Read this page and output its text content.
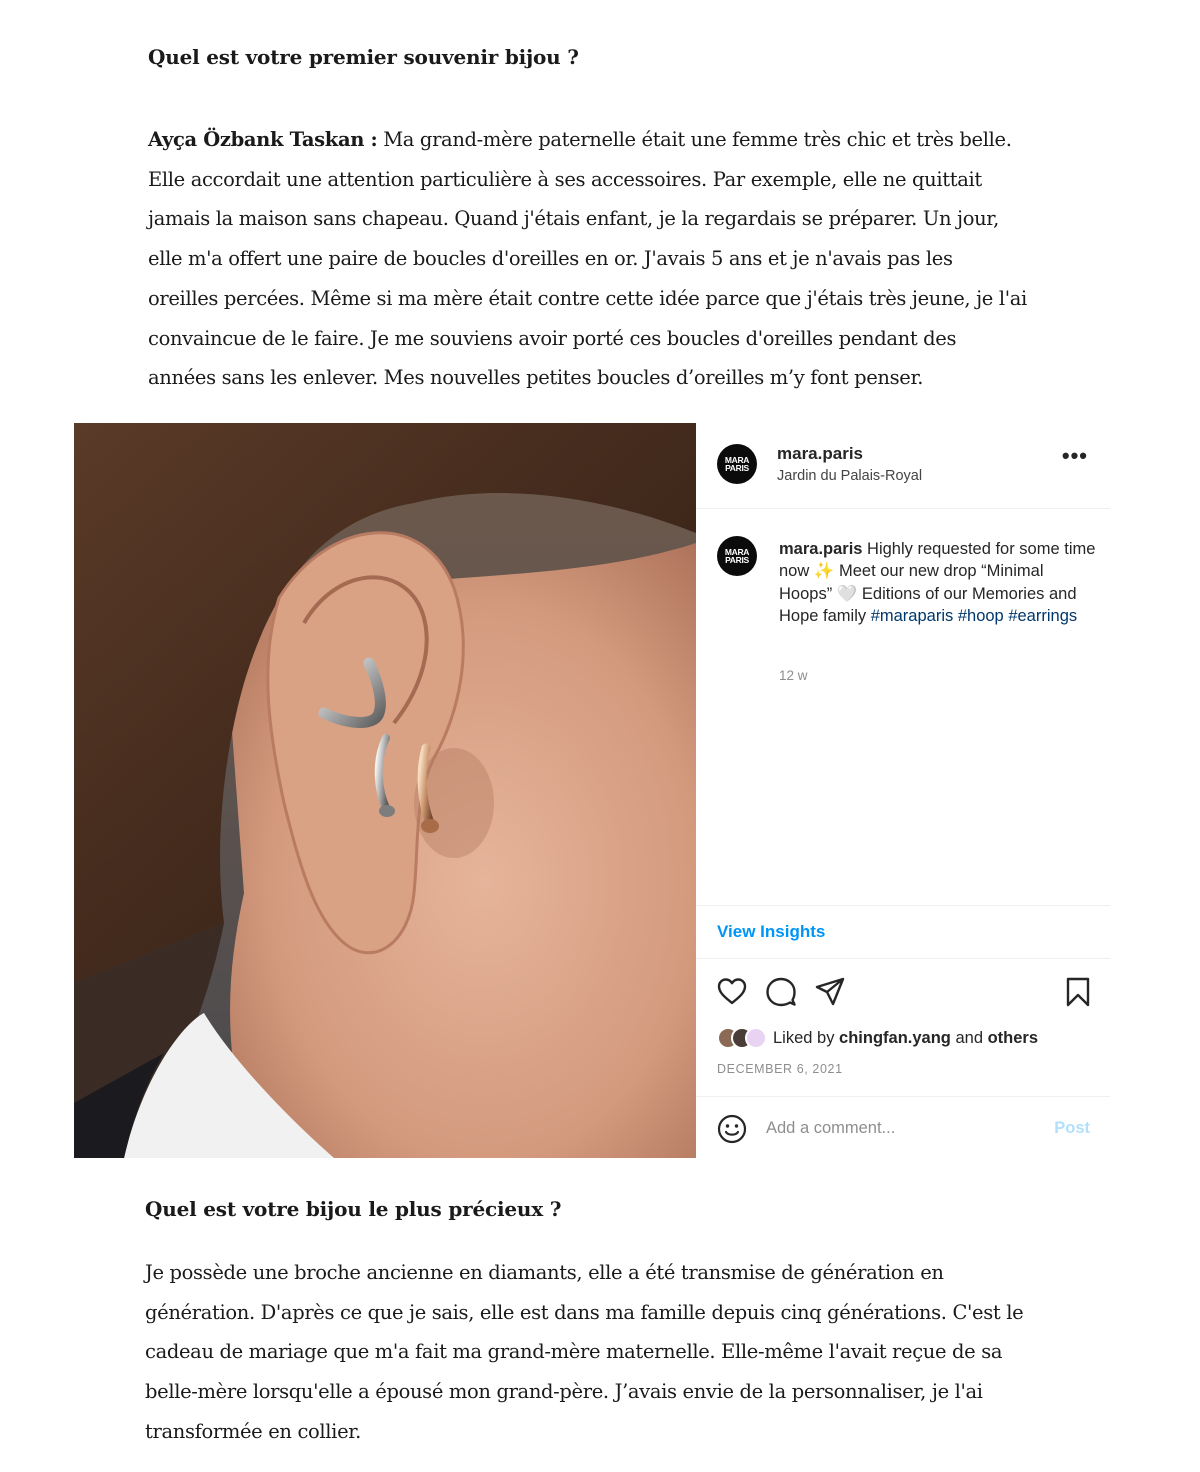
Quel est votre premier souvenir bijou ?
Ayça Özbank Taskan : Ma grand-mère paternelle était une femme très chic et très belle.
Elle accordait une attention particulière à ses accessoires. Par exemple, elle ne quittait
jamais la maison sans chapeau. Quand j'étais enfant, je la regardais se préparer. Un jour,
elle m'a offert une paire de boucles d'oreilles en or. J'avais 5 ans et je n'avais pas les
oreilles percées. Même si ma mère était contre cette idée parce que j'étais très jeune, je l'ai
convaincue de le faire. Je me souviens avoir porté ces boucles d'oreilles pendant des
années sans les enlever. Mes nouvelles petites boucles d’oreilles m’y font penser.
MARA
PARIS
mara.paris
Jardin du Palais-Royal
•••
MARA
PARIS
mara.paris Highly requested for some time now ✨ Meet our new drop “Minimal Hoops” 🤍 Editions of our Memories and Hope family #maraparis #hoop #earrings
12 w
View Insights
Liked by chingfan.yang and others
DECEMBER 6, 2021
Add a comment...	Post
Quel est votre bijou le plus précieux ?
Je possède une broche ancienne en diamants, elle a été transmise de génération en
génération. D'après ce que je sais, elle est dans ma famille depuis cinq générations. C'est le
cadeau de mariage que m'a fait ma grand-mère maternelle. Elle-même l'avait reçue de sa
belle-mère lorsqu'elle a épousé mon grand-père. J’avais envie de la personnaliser, je l'ai
transformée en collier.
